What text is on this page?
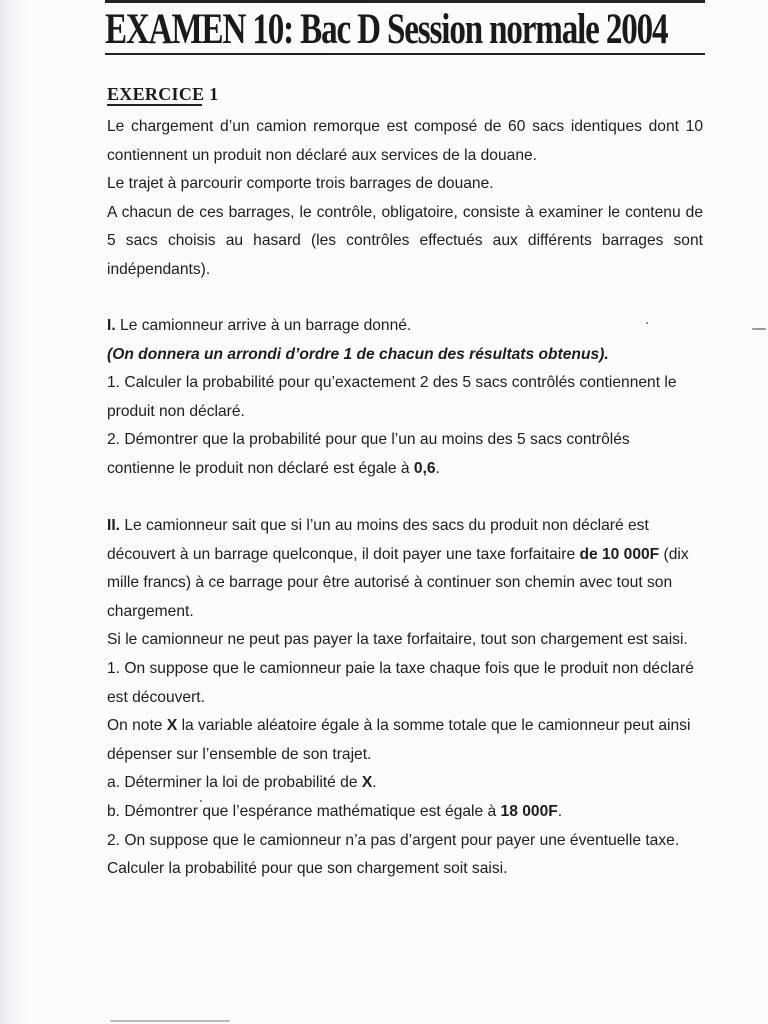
EXAMEN 10: Bac D Session normale 2004
EXERCICE 1
Le chargement d’un camion remorque est composé de 60 sacs identiques dont 10
contiennent un produit non déclaré aux services de la douane.
Le trajet à parcourir comporte trois barrages de douane.
A chacun de ces barrages, le contrôle, obligatoire, consiste à examiner le contenu de
5 sacs choisis au hasard (les contrôles effectués aux différents barrages sont
indépendants).
I. Le camionneur arrive à un barrage donné.
(On donnera un arrondi d’ordre 1 de chacun des résultats obtenus).
1. Calculer la probabilité pour qu’exactement 2 des 5 sacs contrôlés contiennent le
produit non déclaré.
2. Démontrer que la probabilité pour que l’un au moins des 5 sacs contrôlés
contienne le produit non déclaré est égale à 0,6.
II. Le camionneur sait que si l’un au moins des sacs du produit non déclaré est
découvert à un barrage quelconque, il doit payer une taxe forfaitaire de 10 000F (dix
mille francs) à ce barrage pour être autorisé à continuer son chemin avec tout son
chargement.
Si le camionneur ne peut pas payer la taxe forfaitaire, tout son chargement est saisi.
1. On suppose que le camionneur paie la taxe chaque fois que le produit non déclaré
est découvert.
On note X la variable aléatoire égale à la somme totale que le camionneur peut ainsi
dépenser sur l’ensemble de son trajet.
a. Déterminer la loi de probabilité de X.
b. Démontrer que l’espérance mathématique est égale à 18 000F.
2. On suppose que le camionneur n’a pas d’argent pour payer une éventuelle taxe.
Calculer la probabilité pour que son chargement soit saisi.
